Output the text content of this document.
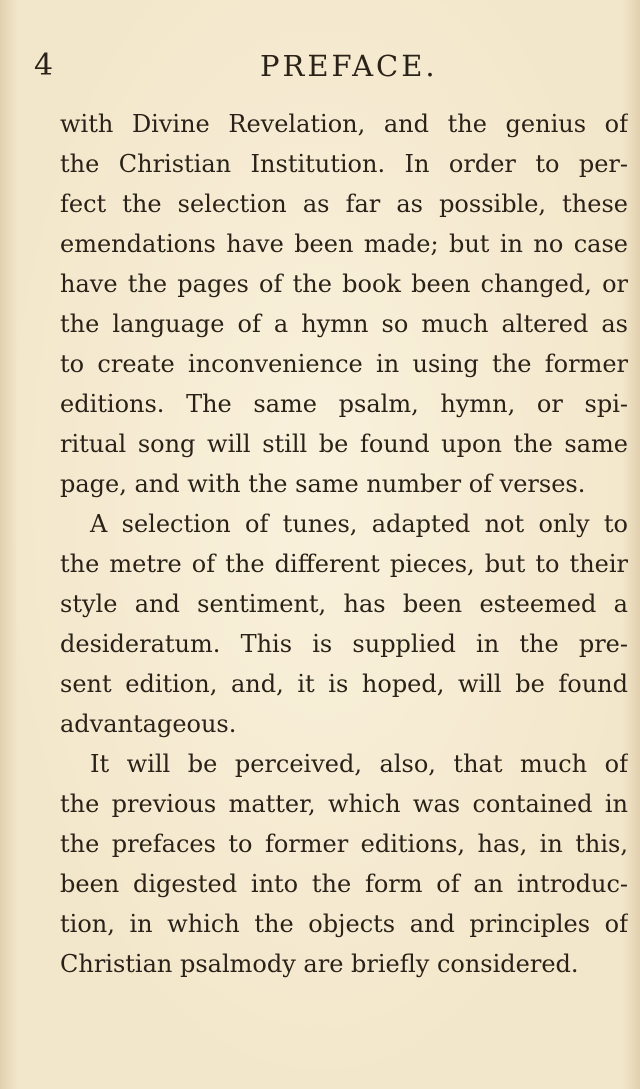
4	PREFACE.
with Divine Revelation, and the genius of
the Christian Institution. In order to per-
fect the selection as far as possible, these
emendations have been made; but in no case
have the pages of the book been changed, or
the language of a hymn so much altered as
to create inconvenience in using the former
editions. The same psalm, hymn, or spi-
ritual song will still be found upon the same
page, and with the same number of verses.
A selection of tunes, adapted not only to
the metre of the different pieces, but to their
style and sentiment, has been esteemed a
desideratum. This is supplied in the pre-
sent edition, and, it is hoped, will be found
advantageous.
It will be perceived, also, that much of
the previous matter, which was contained in
the prefaces to former editions, has, in this,
been digested into the form of an introduc-
tion, in which the objects and principles of
Christian psalmody are briefly considered.
